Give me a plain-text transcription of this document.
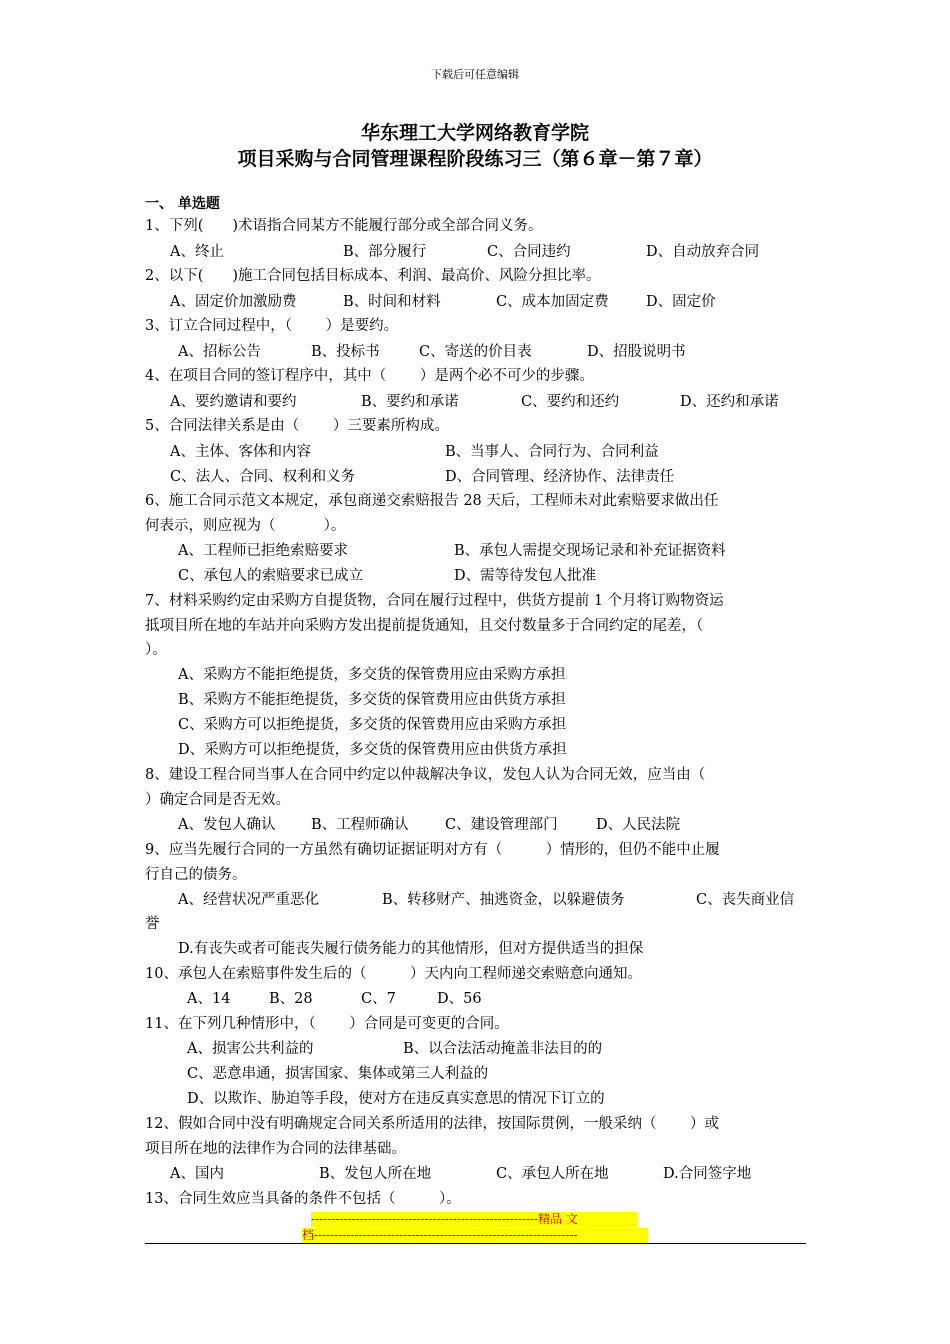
下载后可任意编辑
华东理工大学网络教育学院
项目采购与合同管理课程阶段练习三（第６章－第７章）
一、 单选题
1、下列(　　)术语指合同某方不能履行部分或全部合同义务。
A、终止	B、部分履行	C、合同违约	D、自动放弃合同
2、以下(　　)施工合同包括目标成本、利润、最高价、风险分担比率。
A、固定价加激励费	B、时间和材料	C、成本加固定费	D、固定价
3、订立合同过程中，（　　 ）是要约。
A、招标公告	B、投标书	C、寄送的价目表	D、招股说明书
4、在项目合同的签订程序中，其中（　　 ）是两个必不可少的步骤。
A、要约邀请和要约	B、要约和承诺	C、要约和还约	D、还约和承诺
5、合同法律关系是由（　　 ）三要素所构成。
A、主体、客体和内容	B、当事人、合同行为、合同利益
C、法人、合同、权利和义务	D、合同管理、经济协作、法律责任
6、施工合同示范文本规定，承包商递交索赔报告 28 天后，工程师未对此索赔要求做出任
何表示，则应视为（　　　 ）。
A、工程师已拒绝索赔要求	B、承包人需提交现场记录和补充证据资料
C、承包人的索赔要求已成立	D、需等待发包人批准
7、材料采购约定由采购方自提货物，合同在履行过程中，供货方提前 1 个月将订购物资运
抵项目所在地的车站并向采购方发出提前提货通知，且交付数量多于合同约定的尾差，（
）。
A、采购方不能拒绝提货，多交货的保管费用应由采购方承担
B、采购方不能拒绝提货，多交货的保管费用应由供货方承担
C、采购方可以拒绝提货，多交货的保管费用应由采购方承担
D、采购方可以拒绝提货，多交货的保管费用应由供货方承担
8、建设工程合同当事人在合同中约定以仲裁解决争议，发包人认为合同无效，应当由（
）确定合同是否无效。
A、发包人确认 B、工程师确认	C、建设管理部门	D、人民法院
9、应当先履行合同的一方虽然有确切证据证明对方有（　　　）情形的，但仍不能中止履
行自己的债务。
A、经营状况严重恶化	B、转移财产、抽逃资金，以躲避债务	C、丧失商业信
誉
D.有丧失或者可能丧失履行债务能力的其他情形，但对方提供适当的担保
10、承包人在索赔事件发生后的（　　　）天内向工程师递交索赔意向通知。
A、14	B、28	C、7	D、56
11、在下列几种情形中，（　　 ）合同是可变更的合同。
A、损害公共利益的	B、以合法活动掩盖非法目的的
C、恶意串通，损害国家、集体或第三人利益的
D、以欺诈、胁迫等手段，使对方在违反真实意思的情况下订立的
12、假如合同中没有明确规定合同关系所适用的法律，按国际贯例，一般采纳（　　 ）或
项目所在地的法律作为合同的法律基础。
A、国内	B、发包人所在地	C、承包人所在地	D.合同签字地
13、合同生效应当具备的条件不包括（　　　）。
--------------------------------------------------------精品 文
档-----------------------------------------------------------------
